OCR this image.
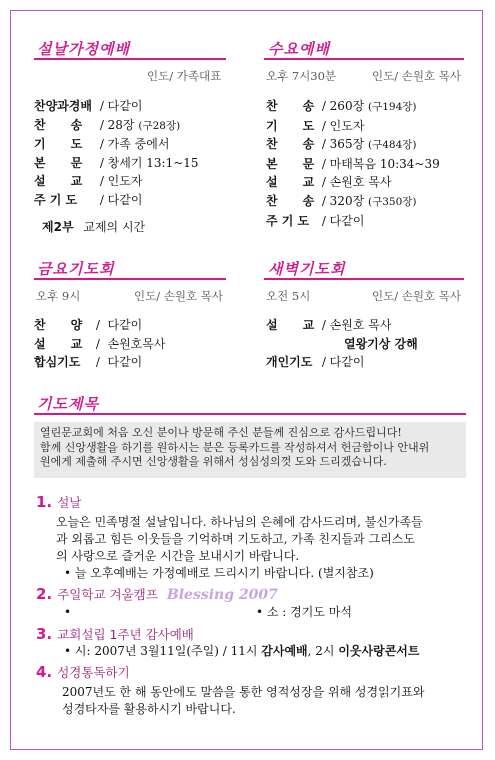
설날가정예배
인도/ 가족대표
찬양과경배 / 다같이
찬      송 / 28장 (구28장)
기      도 / 가족 중에서
본      문 / 창세기 13:1~15
설      교 / 인도자
주 기 도 / 다같이
제2부 교제의 시간
수요예배
오후 7시30분	인도/ 손원호 목사
찬      송 / 260장 (구194장)
기      도 / 인도자
찬      송 / 365장 (구484장)
본      문 / 마태복음 10:34~39
설      교 / 손원호 목사
찬      송 / 320장 (구350장)
주 기 도 / 다같이
금요기도회
오후 9시	인도/ 손원호 목사
찬      양 /  다같이
설      교 /  손원호목사
합심기도 /  다같이
새벽기도회
오전 5시	인도/ 손원호 목사
설      교 / 손원호 목사
열왕기상 강해
개인기도 / 다같이
기도제목
열린문교회에 처음 오신 분이나 방문해 주신 분들께 진심으로 감사드립니다!
함께 신앙생활을 하기를 원하시는 분은 등록카드를 작성하셔서 헌금함이나 안내위
원에게 제출해 주시면 신앙생활을 위해서 성심성의껏 도와 드리겠습니다.
1. 설날
오늘은 민족명절 설날입니다. 하나님의 은혜에 감사드리며, 불신가족들
과 외롭고 힘든 이웃들을 기억하며 기도하고, 가족 친지들과 그리스도
의 사랑으로 즐거운 시간을 보내시기 바랍니다.
• 늘 오후예배는 가정예배로 드리시기 바랍니다. (별지참조)
2. 주일학교 겨울캠프 Blessing 2007
•	• 소 : 경기도 마석
3. 교회설립 1주년 감사예배
• 시: 2007년 3월11일(주일) / 11시 감사예배, 2시 이웃사랑콘서트
4. 성경통독하기
2007년도 한 해 동안에도 말씀을 통한 영적성장을 위해 성경읽기표와
성경타자를 활용하시기 바랍니다.
